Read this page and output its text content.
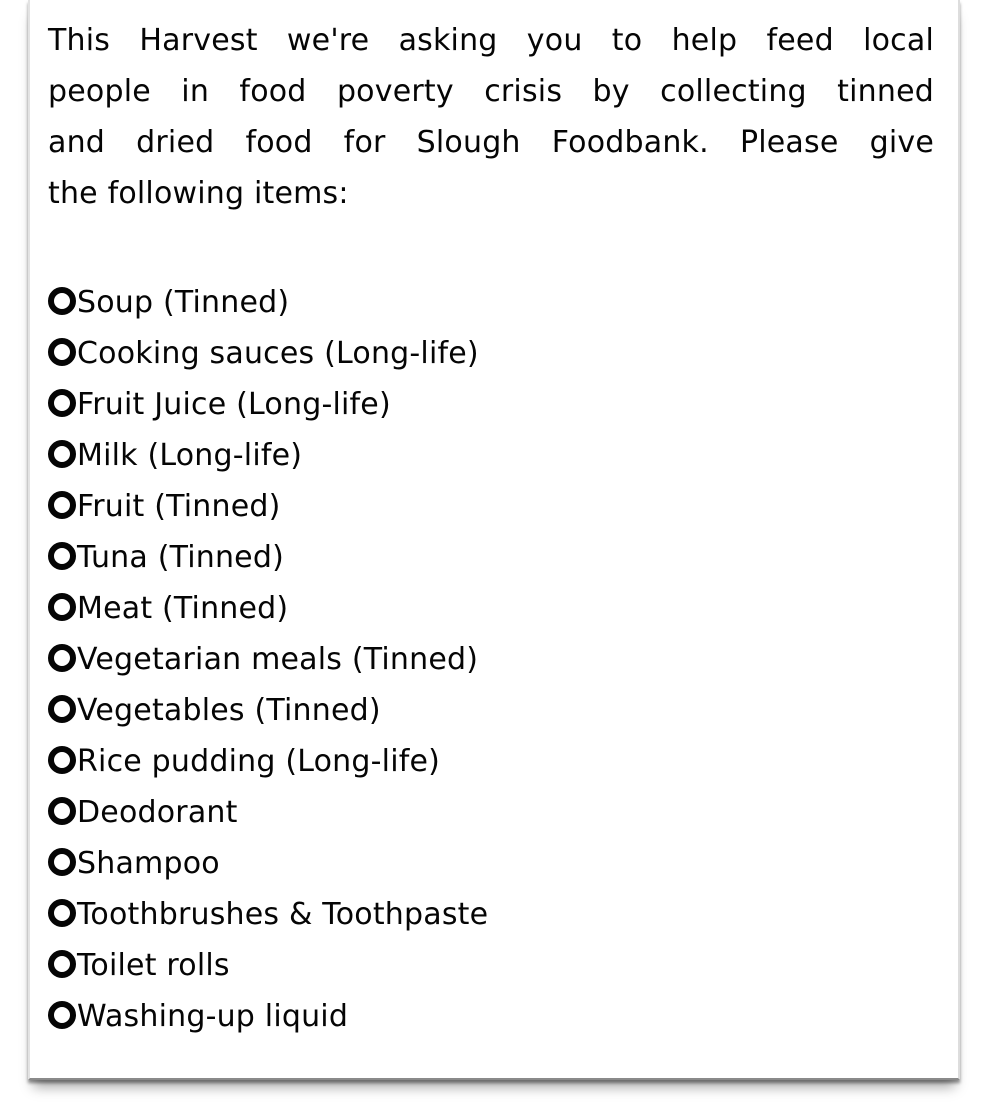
This Harvest we're asking you to help feed local
people in food poverty crisis by collecting tinned
and dried food for Slough Foodbank. Please give
the following items:
Soup (Tinned)
Cooking sauces (Long-life)
Fruit Juice (Long-life)
Milk (Long-life)
Fruit (Tinned)
Tuna (Tinned)
Meat (Tinned)
Vegetarian meals (Tinned)
Vegetables (Tinned)
Rice pudding (Long-life)
Deodorant
Shampoo
Toothbrushes & Toothpaste
Toilet rolls
Washing-up liquid
